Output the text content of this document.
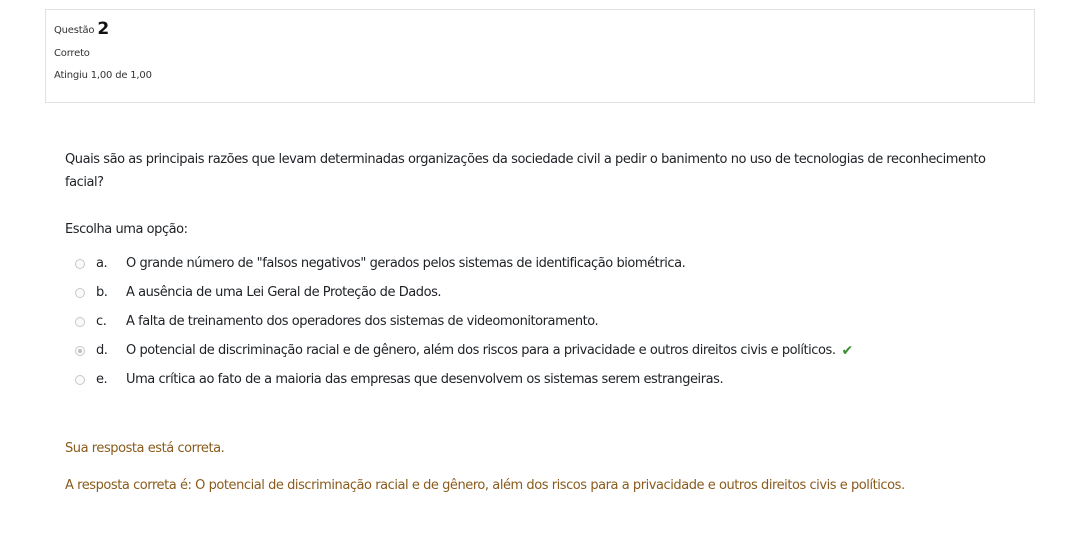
Questão 2
Correto
Atingiu 1,00 de 1,00
Quais são as principais razões que levam determinadas organizações da sociedade civil a pedir o banimento no uso de tecnologias de reconhecimento facial?
Escolha uma opção:
a.	O grande número de "falsos negativos" gerados pelos sistemas de identificação biométrica.
b.	A ausência de uma Lei Geral de Proteção de Dados.
c.	A falta de treinamento dos operadores dos sistemas de videomonitoramento.
d.	O potencial de discriminação racial e de gênero, além dos riscos para a privacidade e outros direitos civis e políticos. ✔
e.	Uma crítica ao fato de a maioria das empresas que desenvolvem os sistemas serem estrangeiras.
Sua resposta está correta.
A resposta correta é: O potencial de discriminação racial e de gênero, além dos riscos para a privacidade e outros direitos civis e políticos.
